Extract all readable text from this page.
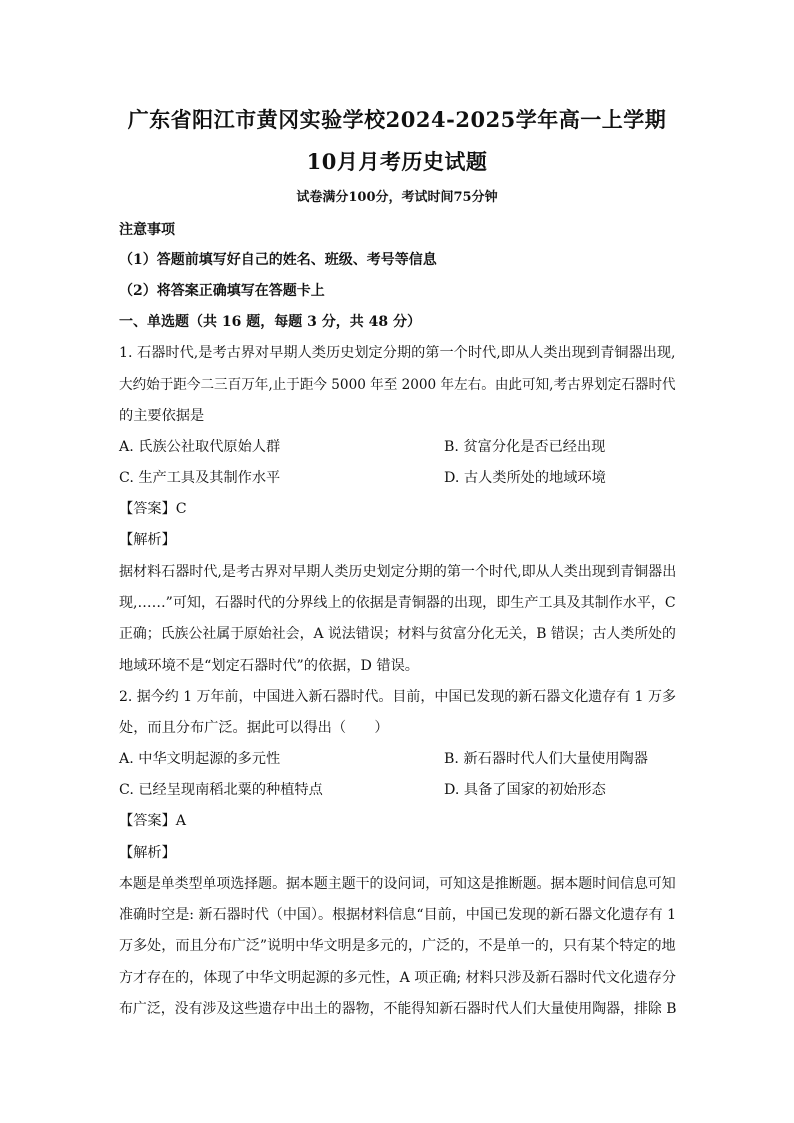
广东省阳江市黄冈实验学校2024-2025学年高一上学期
10月月考历史试题
试卷满分100分，考试时间75分钟
注意事项
（1）答题前填写好自己的姓名、班级、考号等信息
（2）将答案正确填写在答题卡上
一、单选题（共 16 题，每题 3 分，共 48 分）
1. 石器时代,是考古界对早期人类历史划定分期的第一个时代,即从人类出现到青铜器出现,
大约始于距今二三百万年,止于距今 5000 年至 2000 年左右。由此可知,考古界划定石器时代
的主要依据是
A. 氏族公社取代原始人群	B. 贫富分化是否已经出现
C. 生产工具及其制作水平	D. 古人类所处的地域环境
【答案】C
【解析】
据材料石器时代,是考古界对早期人类历史划定分期的第一个时代,即从人类出现到青铜器出
现,……”可知，石器时代的分界线上的依据是青铜器的出现，即生产工具及其制作水平，C
正确；氏族公社属于原始社会，A 说法错误；材料与贫富分化无关，B 错误；古人类所处的
地域环境不是“划定石器时代”的依据，D 错误。
2. 据今约 1 万年前，中国进入新石器时代。目前，中国已发现的新石器文化遗存有 1 万多
处，而且分布广泛。据此可以得出（　　）
A. 中华文明起源的多元性	B. 新石器时代人们大量使用陶器
C. 已经呈现南稻北粟的种植特点	D. 具备了国家的初始形态
【答案】A
【解析】
本题是单类型单项选择题。据本题主题干的设问词，可知这是推断题。据本题时间信息可知
准确时空是: 新石器时代（中国）。根据材料信息“目前，中国已发现的新石器文化遗存有 1
万多处，而且分布广泛”说明中华文明是多元的，广泛的，不是单一的，只有某个特定的地
方才存在的，体现了中华文明起源的多元性，A 项正确; 材料只涉及新石器时代文化遗存分
布广泛，没有涉及这些遗存中出土的器物，不能得知新石器时代人们大量使用陶器，排除 B
